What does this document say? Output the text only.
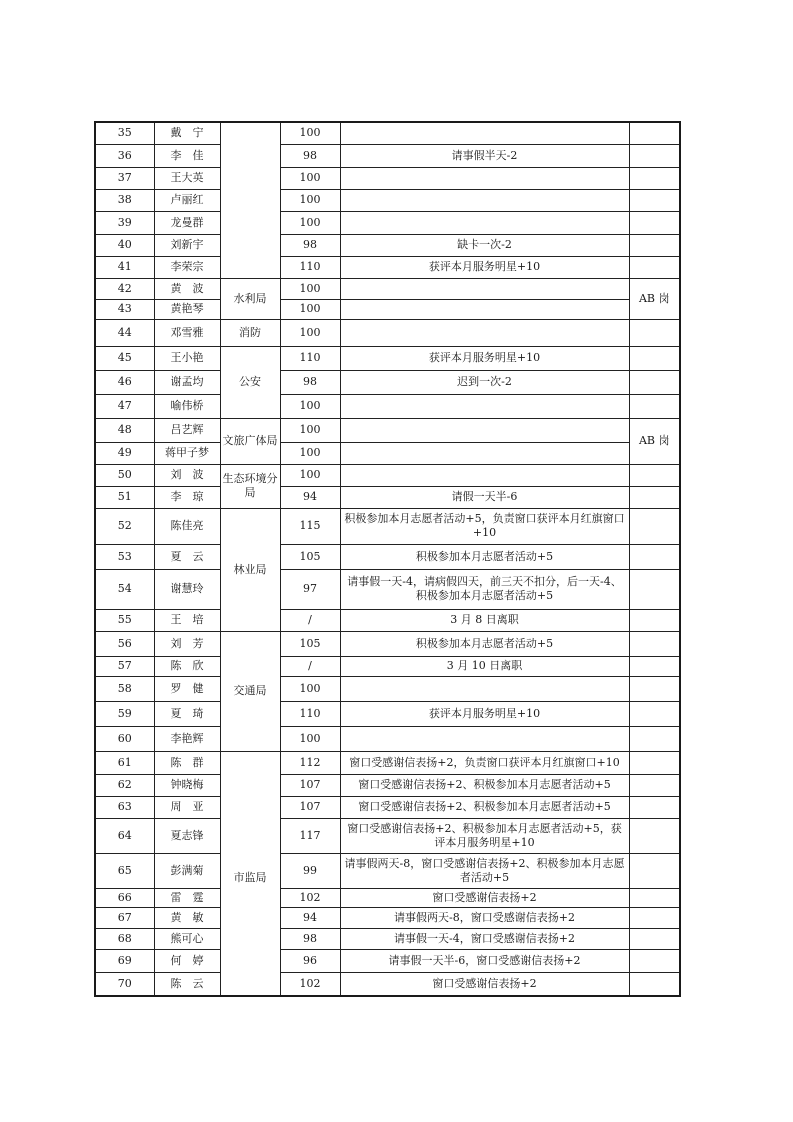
35	戴　宁		100		
36	李　佳		98	请事假半天-2	
37	王大英		100		
38	卢丽红		100		
39	龙曼群		100		
40	刘新宇		98	缺卡一次-2	
41	李荣宗		110	获评本月服务明星+10	
42	黄　波	水利局	100		AB 岗
43	黄艳琴		100		
44	邓雪雅	消防	100		
45	王小艳	公安	110	获评本月服务明星+10	
46	谢孟均		98	迟到一次-2	
47	喻伟桥		100		
48	吕艺辉	文旅广体局	100		AB 岗
49	蒋甲子梦		100		
50	刘　波	生态环境分局	100		
51	李　琼		94	请假一天半-6	
52	陈佳亮	林业局	115	积极参加本月志愿者活动+5，负责窗口获评本月红旗窗口+10	
53	夏　云		105	积极参加本月志愿者活动+5	
54	谢慧玲		97	请事假一天-4，请病假四天，前三天不扣分，后一天-4、积极参加本月志愿者活动+5	
55	王　培		/	3 月 8 日离职	
56	刘　芳	交通局	105	积极参加本月志愿者活动+5	
57	陈　欣		/	3 月 10 日离职	
58	罗　健		100		
59	夏　琦		110	获评本月服务明星+10	
60	李艳辉		100		
61	陈　群	市监局	112	窗口受感谢信表扬+2，负责窗口获评本月红旗窗口+10	
62	钟晓梅		107	窗口受感谢信表扬+2、积极参加本月志愿者活动+5	
63	周　亚		107	窗口受感谢信表扬+2、积极参加本月志愿者活动+5	
64	夏志锋		117	窗口受感谢信表扬+2、积极参加本月志愿者活动+5，获评本月服务明星+10	
65	彭满菊		99	请事假两天-8，窗口受感谢信表扬+2、积极参加本月志愿者活动+5	
66	雷　霆		102	窗口受感谢信表扬+2	
67	黄　敏		94	请事假两天-8，窗口受感谢信表扬+2	
68	熊可心		98	请事假一天-4，窗口受感谢信表扬+2	
69	何　婷		96	请事假一天半-6，窗口受感谢信表扬+2	
70	陈　云		102	窗口受感谢信表扬+2	
